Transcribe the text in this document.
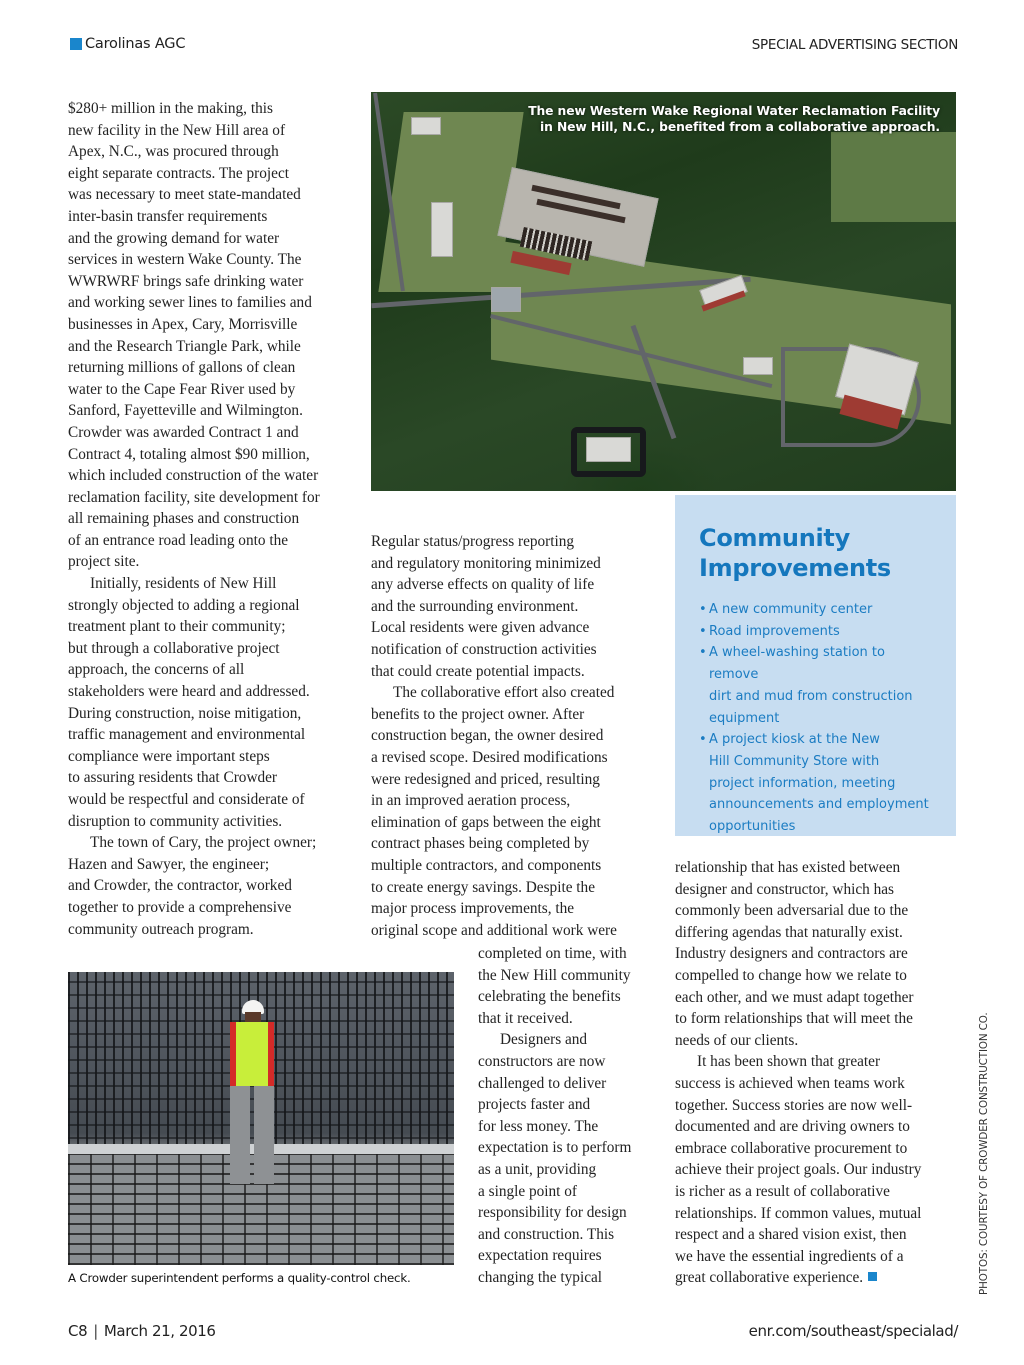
Carolinas AGC	SPECIAL ADVERTISING SECTION
$280+ million in the making, this
new facility in the New Hill area of
Apex, N.C., was procured through
eight separate contracts. The project
was necessary to meet state-mandated
inter-basin transfer requirements
and the growing demand for water
services in western Wake County. The
WWRWRF brings safe drinking water
and working sewer lines to families and
businesses in Apex, Cary, Morrisville
and the Research Triangle Park, while
returning millions of gallons of clean
water to the Cape Fear River used by
Sanford, Fayetteville and Wilmington.
Crowder was awarded Contract 1 and
Contract 4, totaling almost $90 million,
which included construction of the water
reclamation facility, site development for
all remaining phases and construction
of an entrance road leading onto the
project site.
Initially, residents of New Hill
strongly objected to adding a regional
treatment plant to their community;
but through a collaborative project
approach, the concerns of all
stakeholders were heard and addressed.
During construction, noise mitigation,
traffic management and environmental
compliance were important steps
to assuring residents that Crowder
would be respectful and considerate of
disruption to community activities.
The town of Cary, the project owner;
Hazen and Sawyer, the engineer;
and Crowder, the contractor, worked
together to provide a comprehensive
community outreach program.
The new Western Wake Regional Water Reclamation Facility
in New Hill, N.C., benefited from a collaborative approach.
Regular status/progress reporting
and regulatory monitoring minimized
any adverse effects on quality of life
and the surrounding environment.
Local residents were given advance
notification of construction activities
that could create potential impacts.
The collaborative effort also created
benefits to the project owner. After
construction began, the owner desired
a revised scope. Desired modifications
were redesigned and priced, resulting
in an improved aeration process,
elimination of gaps between the eight
contract phases being completed by
multiple contractors, and components
to create energy savings. Despite the
major process improvements, the
original scope and additional work were
completed on time, with
the New Hill community
celebrating the benefits
that it received.
Designers and
constructors are now
challenged to deliver
projects faster and
for less money. The
expectation is to perform
as a unit, providing
a single point of
responsibility for design
and construction. This
expectation requires
changing the typical
Community
Improvements
• A new community center
• Road improvements
• A wheel-washing station to remove
dirt and mud from construction
equipment
• A project kiosk at the New
Hill Community Store with
project information, meeting
announcements and employment
opportunities
relationship that has existed between
designer and constructor, which has
commonly been adversarial due to the
differing agendas that naturally exist.
Industry designers and contractors are
compelled to change how we relate to
each other, and we must adapt together
to form relationships that will meet the
needs of our clients.
It has been shown that greater
success is achieved when teams work
together. Success stories are now well-
documented and are driving owners to
embrace collaborative procurement to
achieve their project goals. Our industry
is richer as a result of collaborative
relationships. If common values, mutual
respect and a shared vision exist, then
we have the essential ingredients of a
great collaborative experience.
A Crowder superintendent performs a quality-control check.	PHOTOS: COURTESY OF CROWDER CONSTRUCTION CO.
C8 | March 21, 2016	enr.com/southeast/specialad/
